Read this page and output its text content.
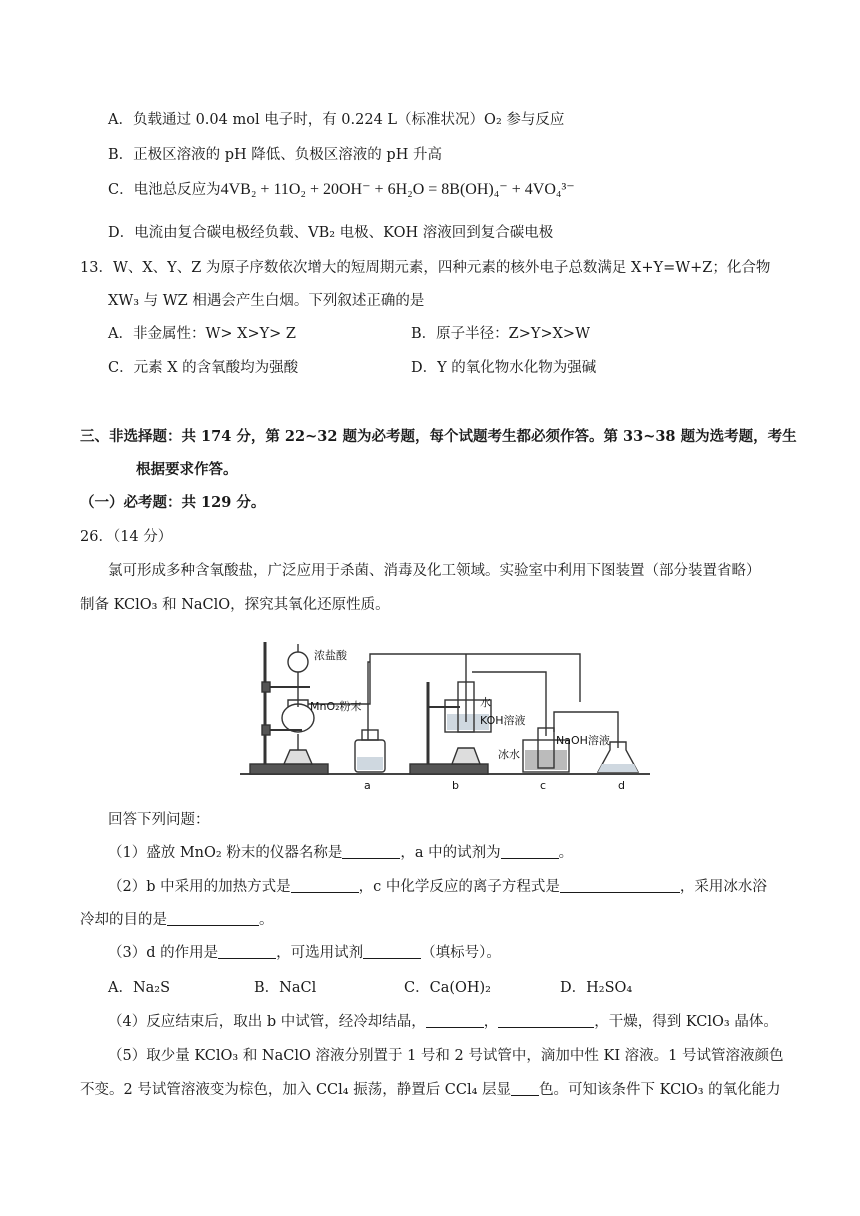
A．负载通过 0.04 mol 电子时，有 0.224 L（标准状况）O₂ 参与反应
B．正极区溶液的 pH 降低、负极区溶液的 pH 升高
C．电池总反应为4VB₂ + 11O₂ + 20OH⁻ + 6H₂O = 8B(OH)₄⁻ + 4VO₄³⁻
D．电流由复合碳电极经负载、VB₂ 电极、KOH 溶液回到复合碳电极
13．W、X、Y、Z 为原子序数依次增大的短周期元素，四种元素的核外电子总数满足 X+Y=W+Z；化合物
XW₃ 与 WZ 相遇会产生白烟。下列叙述正确的是
A．非金属性：W> X>Y> Z	B．原子半径：Z>Y>X>W
C．元素 X 的含氧酸均为强酸	D．Y 的氧化物水化物为强碱
三、非选择题：共 174 分，第 22~32 题为必考题，每个试题考生都必须作答。第 33~38 题为选考题，考生
根据要求作答。
（一）必考题：共 129 分。
26．（14 分）
氯可形成多种含氧酸盐，广泛应用于杀菌、消毒及化工领域。实验室中利用下图装置（部分装置省略）
制备 KClO₃ 和 NaClO，探究其氧化还原性质。
浓盐酸
MnO₂粉末	水
KOH溶液
冰水
NaOH溶液
a	b	c	d
回答下列问题：
（1）盛放 MnO₂ 粉末的仪器名称是	，a 中的试剂为	。
（2）b 中采用的加热方式是	，c 中化学反应的离子方程式是	，采用冰水浴
冷却的目的是	。
（3）d 的作用是	，可选用试剂	（填标号）。
A．Na₂S	B．NaCl	C．Ca(OH)₂	D．H₂SO₄
（4）反应结束后，取出 b 中试管，经冷却结晶，	，	，干燥，得到 KClO₃ 晶体。
（5）取少量 KClO₃ 和 NaClO 溶液分别置于 1 号和 2 号试管中，滴加中性 KI 溶液。1 号试管溶液颜色
不变。2 号试管溶液变为棕色，加入 CCl₄ 振荡，静置后 CCl₄ 层显 色。可知该条件下 KClO₃ 的氧化能力
